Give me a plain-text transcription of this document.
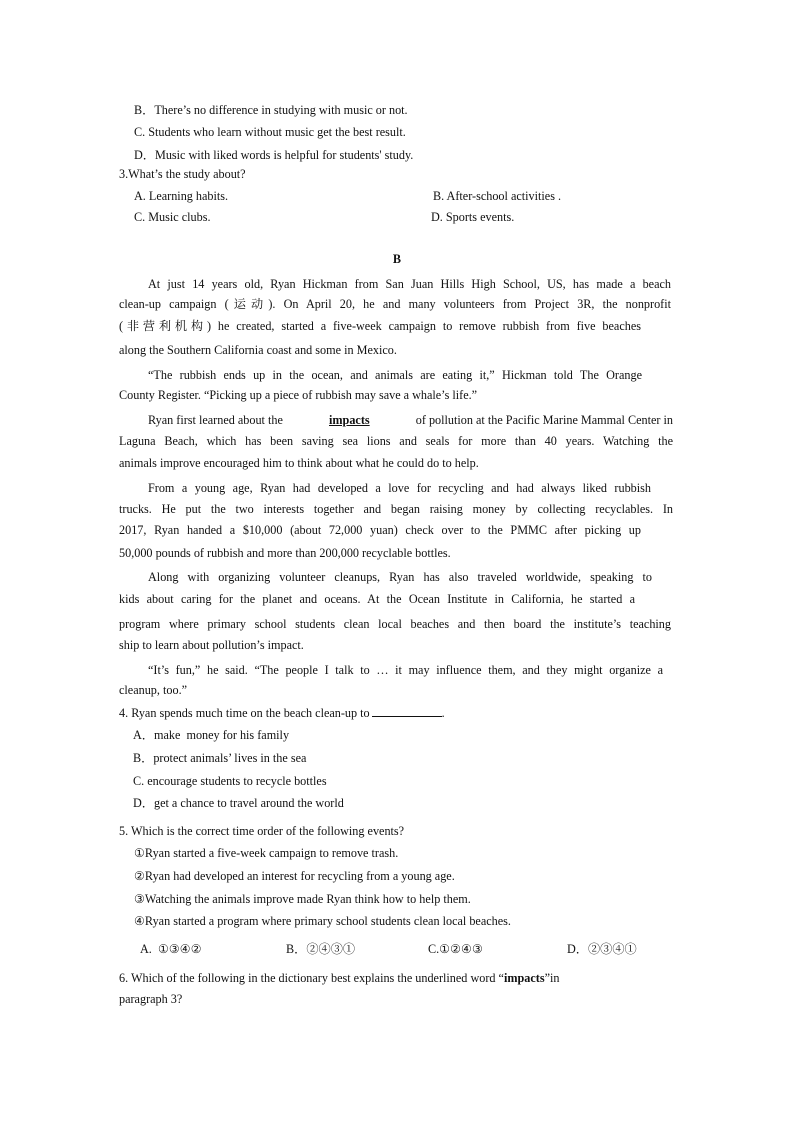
B．There’s no difference in studying with music or not.
C. Students who learn without music get the best result.
D．Music with liked words is helpful for students' study.
3.What’s the study about?
A. Learning habits.	B. After-school activities .
C. Music clubs.	D. Sports events.
B
At just 14 years old, Ryan Hickman from San Juan Hills High School, US, has made a beach
clean-up campaign (运动). On April 20, he and many volunteers from Project 3R, the nonprofit
(非营利机构) he created, started a five-week campaign to remove rubbish from five beaches
along the Southern California coast and some in Mexico.
“The rubbish ends up in the ocean, and animals are eating it,” Hickman told The Orange
County Register. “Picking up a piece of rubbish may save a whale’s life.”
Ryan first learned about the	impacts	of pollution at the Pacific Marine Mammal Center in
Laguna Beach, which has been saving sea lions and seals for more than 40 years. Watching the
animals improve encouraged him to think about what he could do to help.
From a young age, Ryan had developed a love for recycling and had always liked rubbish
trucks. He put the two interests together and began raising money by collecting recyclables. In
2017, Ryan handed a $10,000 (about 72,000 yuan) check over to the PMMC after picking up
50,000 pounds of rubbish and more than 200,000 recyclable bottles.
Along with organizing volunteer cleanups, Ryan has also traveled worldwide, speaking to
kids about caring for the planet and oceans. At the Ocean Institute in California, he started a
program where primary school students clean local beaches and then board the institute’s teaching
ship to learn about pollution’s impact.
“It’s fun,” he said. “The people I talk to … it may influence them, and they might organize a
cleanup, too.”
4. Ryan spends much time on the beach clean-up to	.
A．make  money for his family
B．protect animals’ lives in the sea
C. encourage students to recycle bottles
D．get a chance to travel around the world
5. Which is the correct time order of the following events?
①Ryan started a five-week campaign to remove trash.
②Ryan had developed an interest for recycling from a young age.
③Watching the animals improve made Ryan think how to help them.
④Ryan started a program where primary school students clean local beaches.
A.  ①③④②	B．②④③①	C.①②④③	D．②③④①
6. Which of the following in the dictionary best explains the underlined word “impacts”in
paragraph 3?
